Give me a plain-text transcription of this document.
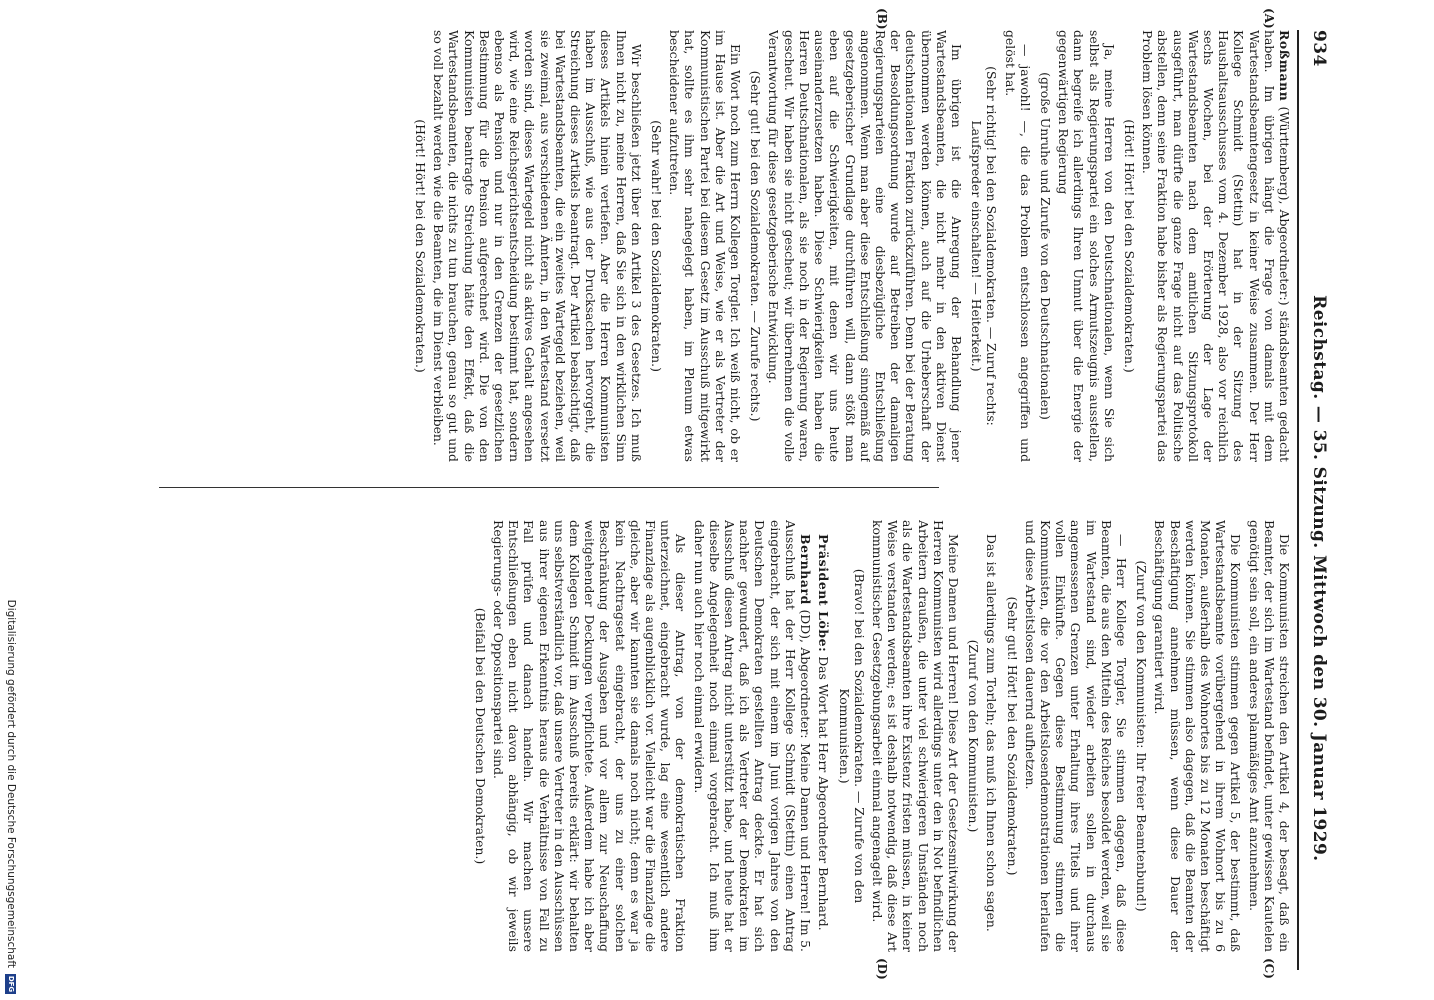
934
Reichstag. — 35. Sitzung. Mittwoch den 30. Januar 1929.
(A)
(B)
(C)
(D)

Roßmann (Württemberg), Abgeordneter:) ständsbeamten gedacht haben. Im übrigen hängt die Frage von damals mit dem Wartestandsbeamtengesetz in keiner Weise zusammen. Der Herr Kollege Schmidt (Stettin) hat in der Sitzung des Haushaltsausschusses vom 4. Dezember 1928, also vor reichlich sechs Wochen, bei der Erörterung der Lage der Wartestandsbeamten nach dem amtlichen Sitzungsprotokoll ausgeführt, man dürfte die ganze Frage nicht auf das Politische abstellen, denn seine Fraktion habe bisher als Regierungspartei das Problem lösen können.

(Hört! Hört! bei den Sozialdemokraten.)

Ja, meine Herren von den Deutschnationalen, wenn Sie sich selbst als Regierungspartei ein solches Armutszeugnis ausstellen, dann begreife ich allerdings Ihren Unmut über die Energie der gegenwärtigen Regierung

(große Unruhe und Zurufe von den Deutschnationalen)

— jawohl! —, die das Problem entschlossen angegriffen und gelöst hat.

(Sehr richtig! bei den Sozialdemokraten. — Zuruf rechts: Laufspreder einschalten! — Heiterkeit.)

Im übrigen ist die Anregung der Behandlung jener Wartestandsbeamten, die nicht mehr in den aktiven Dienst übernommen werden können, auch auf die Urheberschaft der deutschnationalen Fraktion zurückzuführen. Denn bei der Beratung der Besoldungsordnung wurde auf Betreiben der damaligen Regierungsparteien eine diesbezügliche Entschließung angenommen. Wenn man aber diese Entschließung sinngemäß auf gesetzgeberischer Grundlage durchführen will, dann stößt man eben auf die Schwierigkeiten, mit denen wir uns heute auseinanderzusetzen haben. Diese Schwierigkeiten haben die Herren Deutschnationalen, als sie noch in der Regierung waren, gescheut. Wir haben sie nicht gescheut; wir übernehmen die volle Verantwortung für diese gesetzgeberische Entwicklung.

(Sehr gut! bei den Sozialdemokraten. — Zurufe rechts.)

Ein Wort noch zum Herrn Kollegen Torgler. Ich weiß nicht, ob er im Hause ist. Aber die Art und Weise, wie er als Vertreter der Kommunistischen Partei bei diesem Gesetz im Ausschuß mitgewirkt hat, sollte es ihm sehr nahegelegt haben, im Plenum etwas bescheidener aufzutreten.

(Sehr wahr! bei den Sozialdemokraten.)

Wir beschließen jetzt über den Artikel 3 des Gesetzes. Ich muß Ihnen nicht zu, meine Herren, daß Sie sich in den wirklichen Sinn dieses Artikels hinein vertiefen. Aber die Herren Kommunisten haben im Ausschuß, wie aus der Drucksachen hervorgeht, die Streichung dieses Artikels beantragt. Der Artikel beabsichtigt, daß bei Wartestandsbeamten, die ein zweites Wartegeld beziehen, weil sie zweimal, aus verschiedenen Ämtern, in den Wartestand versetzt worden sind, dieses Wartegeld nicht als aktives Gehalt angesehen wird, wie eine Reichsgerichtsentscheidung bestimmt hat, sondern ebenso als Pension und nur in den Grenzen der gesetzlichen Bestimmung für die Pension aufgerechnet wird. Die von den Kommunisten beantragte Streichung hätte den Effekt, daß die Wartestandsbeamten, die nichts zu tun brauchen, genau so gut und so voll bezahlt werden wie die Beamten, die im Dienst verbleiben.

(Hört! Hört! bei den Sozialdemokraten.)

Die Kommunisten streichen den Artikel 4, der besagt, daß ein Beamter, der sich im Wartestand befindet, unter gewissen Kautelen genötigt sein soll, ein anderes planmäßiges Amt anzunehmen.

Die Kommunisten stimmen gegen Artikel 5, der bestimmt, daß Wartestandsbeamte vorübergehend in ihrem Wohnort bis zu 6 Monaten, außerhalb des Wohnortes bis zu 12 Monaten beschäftigt werden können. Sie stimmen also dagegen, daß die Beamten der Beschäftigung annehmen müssen, wenn diese Dauer der Beschäftigung garantiert wird.

(Zuruf von den Kommunisten: Ihr freier Beamtenbund!)

— Herr Kollege Torgler, Sie stimmen dagegen, daß diese Beamten, die aus den Mitteln des Reiches besoldet werden, weil sie im Wartestand sind, wieder arbeiten sollen in durchaus angemessenen Grenzen unter Erhaltung ihres Titels und ihrer vollen Einkünfte. Gegen diese Bestimmung stimmen die Kommunisten, die vor den Arbeitslosendemonstrationen herlaufen und diese Arbeitslosen dauernd aufhetzen.

(Sehr gut! Hört! bei den Sozialdemokraten.)

Das ist allerdings zum Torleln; das muß ich Ihnen schon sagen.

(Zuruf von den Kommunisten.)

Meine Damen und Herren! Diese Art der Gesetzesmitwirkung der Herren Kommunisten wird allerdings unter den in Not befindlichen Arbeitern draußen, die unter viel schwierigeren Umständen noch als die Wartestandsbeamten ihre Existenz fristen müssen, in keiner Weise verstanden werden; es ist deshalb notwendig, daß diese Art kommunistischer Gesetzgebungsarbeit einmal angenagelt wird.

(Bravo! bei den Sozialdemokraten. — Zurufe von den Kommunisten.)

Präsident Löbe: Das Wort hat Herr Abgeordneter Bernhard.

Bernhard (DD), Abgeordneter: Meine Damen und Herren! Im 5. Ausschuß hat der Herr Kollege Schmidt (Stettin) einen Antrag eingebracht, der sich mit einem im Juni vorigen Jahres von den Deutschen Demokraten gestellten Antrag deckte. Er hat sich nachher gewundert, daß ich als Vertreter der Demokraten im Ausschuß diesen Antrag nicht unterstützt habe, und heute hat er dieselbe Angelegenheit noch einmal vorgebracht. Ich muß ihm daher nun auch hier noch einmal erwidern.

Als dieser Antrag, von der demokratischen Fraktion unterzeichnet, eingebracht wurde, lag eine wesentlich andere Finanzlage als augenblicklich vor. Vielleicht war die Finanzlage die gleiche, aber wir kannten sie damals noch nicht; denn es war ja kein Nachtragsetat eingebracht, der uns zu einer solchen Beschränkung der Ausgaben und vor allem zur Neuschaffung weitgehender Deckungen verpflichtete. Außerdem habe ich aber dem Kollegen Schmidt im Ausschuß bereits erklärt: wir behalten uns selbstverständlich vor, daß unsere Vertreter in den Ausschüssen aus ihrer eigenen Erkenntnis heraus die Verhältnisse von Fall zu Fall prüfen und danach handeln. Wir machen unsere Entschließungen eben nicht davon abhängig, ob wir jeweils Regierungs- oder Oppositionspartei sind.

(Beifall bei den Deutschen Demokraten.)

Digitalisierung gefördert durch die Deutsche Forschungsgemeinschaft
DFG
